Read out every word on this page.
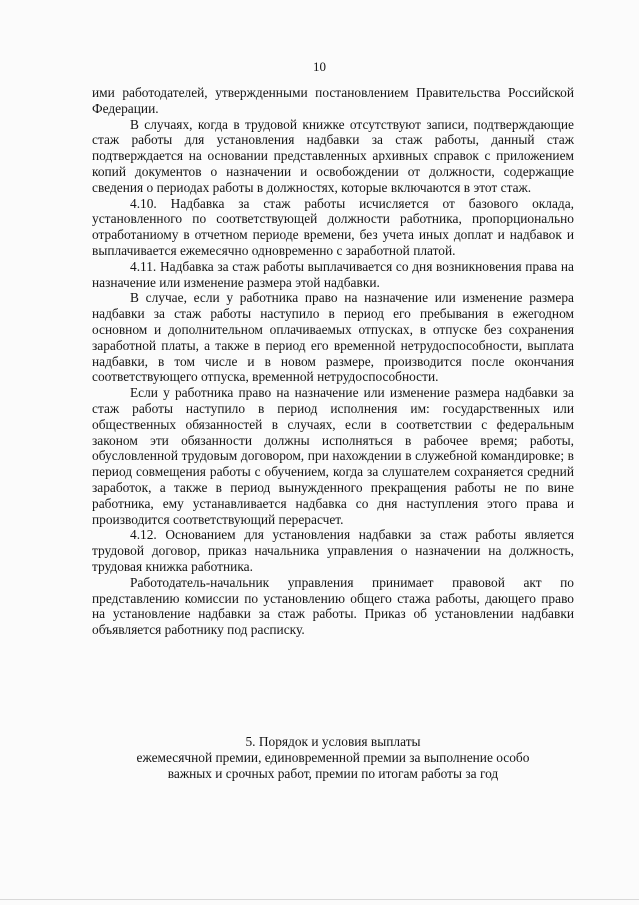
10

ими работодателей, утвержденными постановлением Правительства Российской Федерации.

В случаях, когда в трудовой книжке отсутствуют записи, подтверждающие стаж работы для установления надбавки за стаж работы, данный стаж подтверждается на основании представленных архивных справок с приложением копий документов о назначении и освобождении от должности, содержащие сведения о периодах работы в должностях, которые включаются в этот стаж.

4.10. Надбавка за стаж работы исчисляется от базового оклада, установленного по соответствующей должности работника, пропорционально отработаниому в отчетном периоде времени, без учета иных доплат и надбавок и выплачивается ежемесячно одновременно с заработной платой.

4.11. Надбавка за стаж работы выплачивается со дня возникновения права на назначение или изменение размера этой надбавки.

В случае, если у работника право на назначение или изменение размера надбавки за стаж работы наступило в период его пребывания в ежегодном основном и дополнительном оплачиваемых отпусках, в отпуске без сохранения заработной платы, а также в период его временной нетрудоспособности, выплата надбавки, в том числе и в новом размере, производится после окончания соответствующего отпуска, временной нетрудоспособности.

Если у работника право на назначение или изменение размера надбавки за стаж работы наступило в период исполнения им: государственных или общественных обязанностей в случаях, если в соответствии с федеральным законом эти обязанности должны исполняться в рабочее время; работы, обусловленной трудовым договором, при нахождении в служебной командировке; в период совмещения работы с обучением, когда за слушателем сохраняется средний заработок, а также в период вынужденного прекращения работы не по вине работника, ему устанавливается надбавка со дня наступления этого права и производится соответствующий перерасчет.

4.12. Основанием для установления надбавки за стаж работы является трудовой договор, приказ начальника управления о назначении на должность, трудовая книжка работника.

Работодатель-начальник управления принимает правовой акт по представлению комиссии по установлению общего стажа работы, дающего право на установление надбавки за стаж работы. Приказ об установлении надбавки объявляется работнику под расписку.

5. Порядок и условия выплаты
ежемесячной премии, единовременной премии за выполнение особо
важных и срочных работ, премии по итогам работы за год
